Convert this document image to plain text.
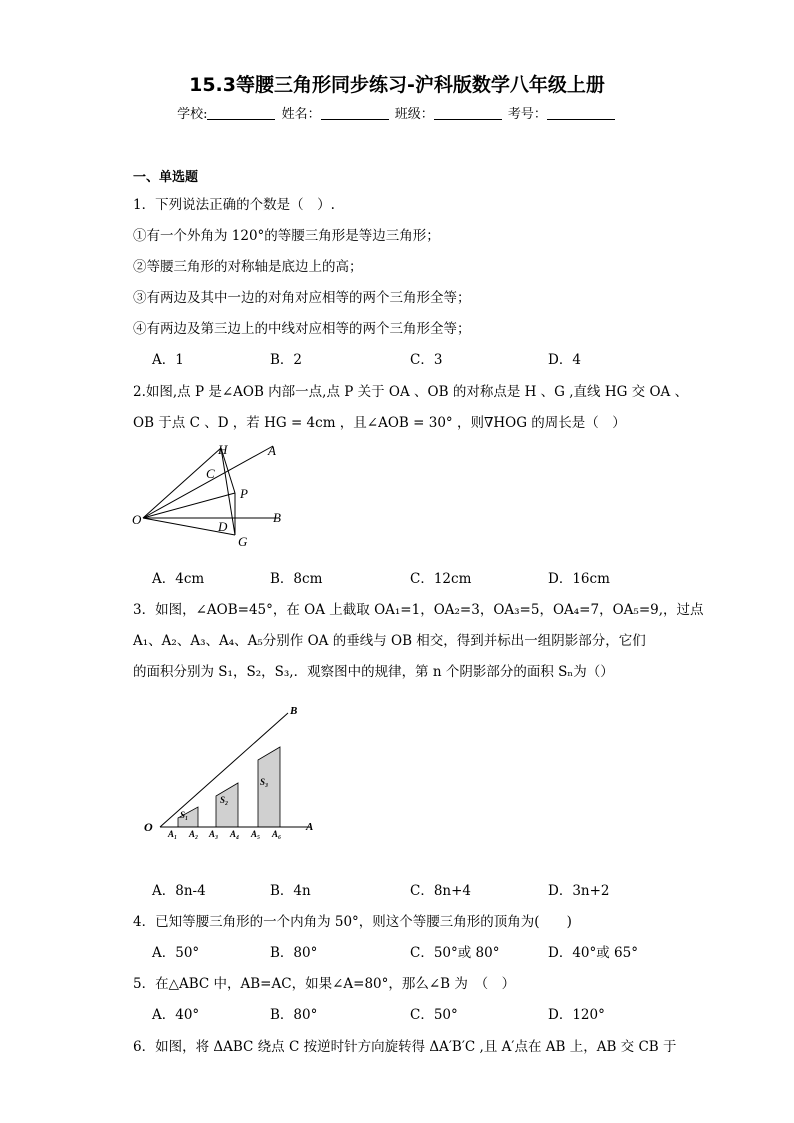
15.3等腰三角形同步练习-沪科版数学八年级上册
学校:	姓名：	班级：	考号：
一、单选题
1．下列说法正确的个数是（　）.
①有一个外角为 120°的等腰三角形是等边三角形；
②等腰三角形的对称轴是底边上的高；
③有两边及其中一边的对角对应相等的两个三角形全等；
④有两边及第三边上的中线对应相等的两个三角形全等；
A．1	B．2	C．3	D．4
2.如图,点 P 是∠AOB 内部一点,点 P 关于 OA 、OB 的对称点是 H 、G ,直线 HG 交 OA 、
OB 于点 C 、D ，若 HG = 4cm ，且∠AOB = 30° ，则∇HOG 的周长是（　）
H	A
C
P
O	D
B
G
A．4cm	B．8cm	C．12cm	D．16cm
3．如图，∠AOB=45°，在 OA 上截取 OA₁=1，OA₂=3，OA₃=5，OA₄=7，OA₅=9,，过点
A₁、A₂、A₃、A₄、A₅分别作 OA 的垂线与 OB 相交，得到并标出一组阴影部分，它们
的面积分别为 S₁，S₂，S₃,．观察图中的规律，第 n 个阴影部分的面积 Sₙ为（）
O	A
B
S₁
S₂
S₃
A₁ A₂ A₃ A₄ A₅ A₆
A．8n-4	B．4n	C．8n+4	D．3n+2
4．已知等腰三角形的一个内角为 50°，则这个等腰三角形的顶角为(　　)
A．50°	B．80°	C．50°或 80°	D．40°或 65°
5．在△ABC 中，AB=AC，如果∠A=80°，那么∠B 为　（　）
A．40°	B．80°	C．50°	D．120°
6．如图，将 ΔABC 绕点 C 按逆时针方向旋转得 ΔA′B′C ,且 A′点在 AB 上，AB 交 CB 于
